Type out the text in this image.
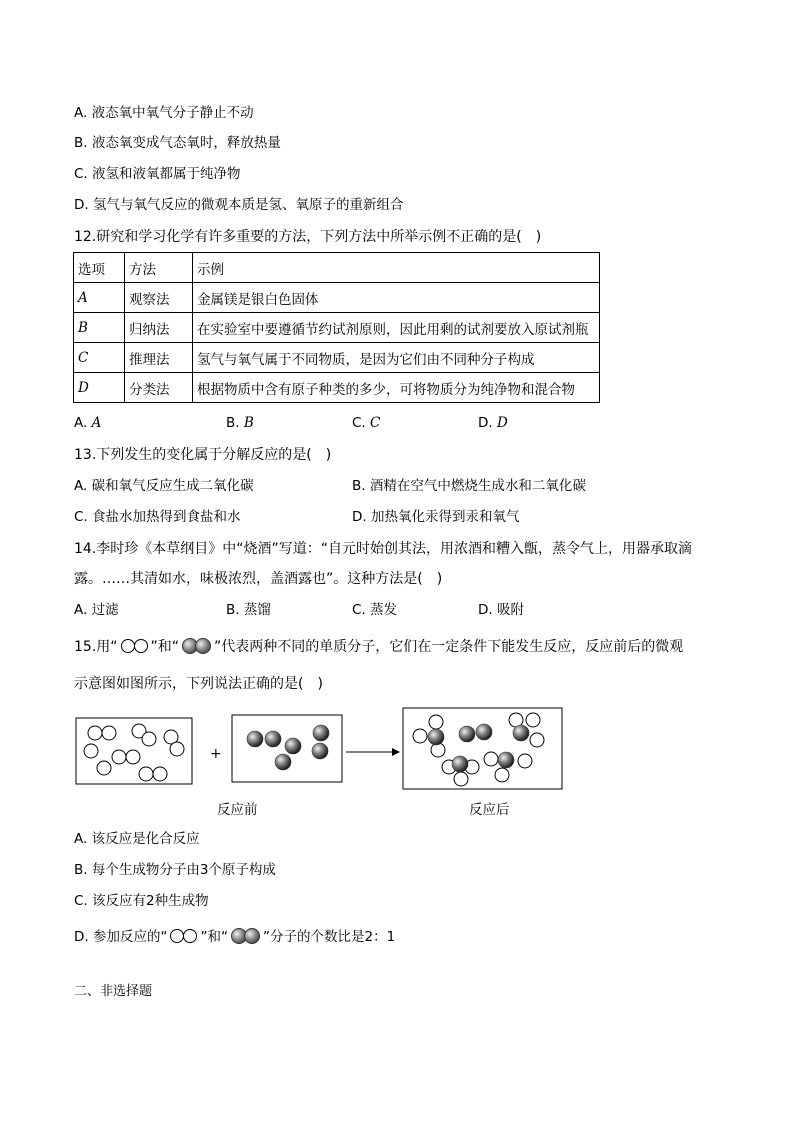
A. 液态氧中氧气分子静止不动
B. 液态氧变成气态氧时，释放热量
C. 液氢和液氧都属于纯净物
D. 氢气与氧气反应的微观本质是氢、氧原子的重新组合
12.研究和学习化学有许多重要的方法，下列方法中所举示例不正确的是(　)
选项	方法	示例
A	观察法	金属镁是银白色固体
B	归纳法	在实验室中要遵循节约试剂原则，因此用剩的试剂要放入原试剂瓶
C	推理法	氢气与氧气属于不同物质，是因为它们由不同种分子构成
D	分类法	根据物质中含有原子种类的多少，可将物质分为纯净物和混合物
A. A	B. B	C. C	D. D
13.下列发生的变化属于分解反应的是(　)
A. 碳和氧气反应生成二氧化碳	B. 酒精在空气中燃烧生成水和二氧化碳
C. 食盐水加热得到食盐和水	D. 加热氧化汞得到汞和氧气
14.李时珍《本草纲目》中“烧酒”写道：“自元时始创其法，用浓酒和糟入甑，蒸令气上，用器承取滴
露。……其清如水，味极浓烈，盖酒露也”。这种方法是(　)
A. 过滤	B. 蒸馏	C. 蒸发	D. 吸附
15.用“ ”和“	”代表两种不同的单质分子，它们在一定条件下能发生反应，反应前后的微观
示意图如图所示，下列说法正确的是(　)
+
反应前	反应后
A. 该反应是化合反应
B. 每个生成物分子由3个原子构成
C. 该反应有2种生成物
D. 参加反应的“ ”和“	”分子的个数比是2：1
二、非选择题
